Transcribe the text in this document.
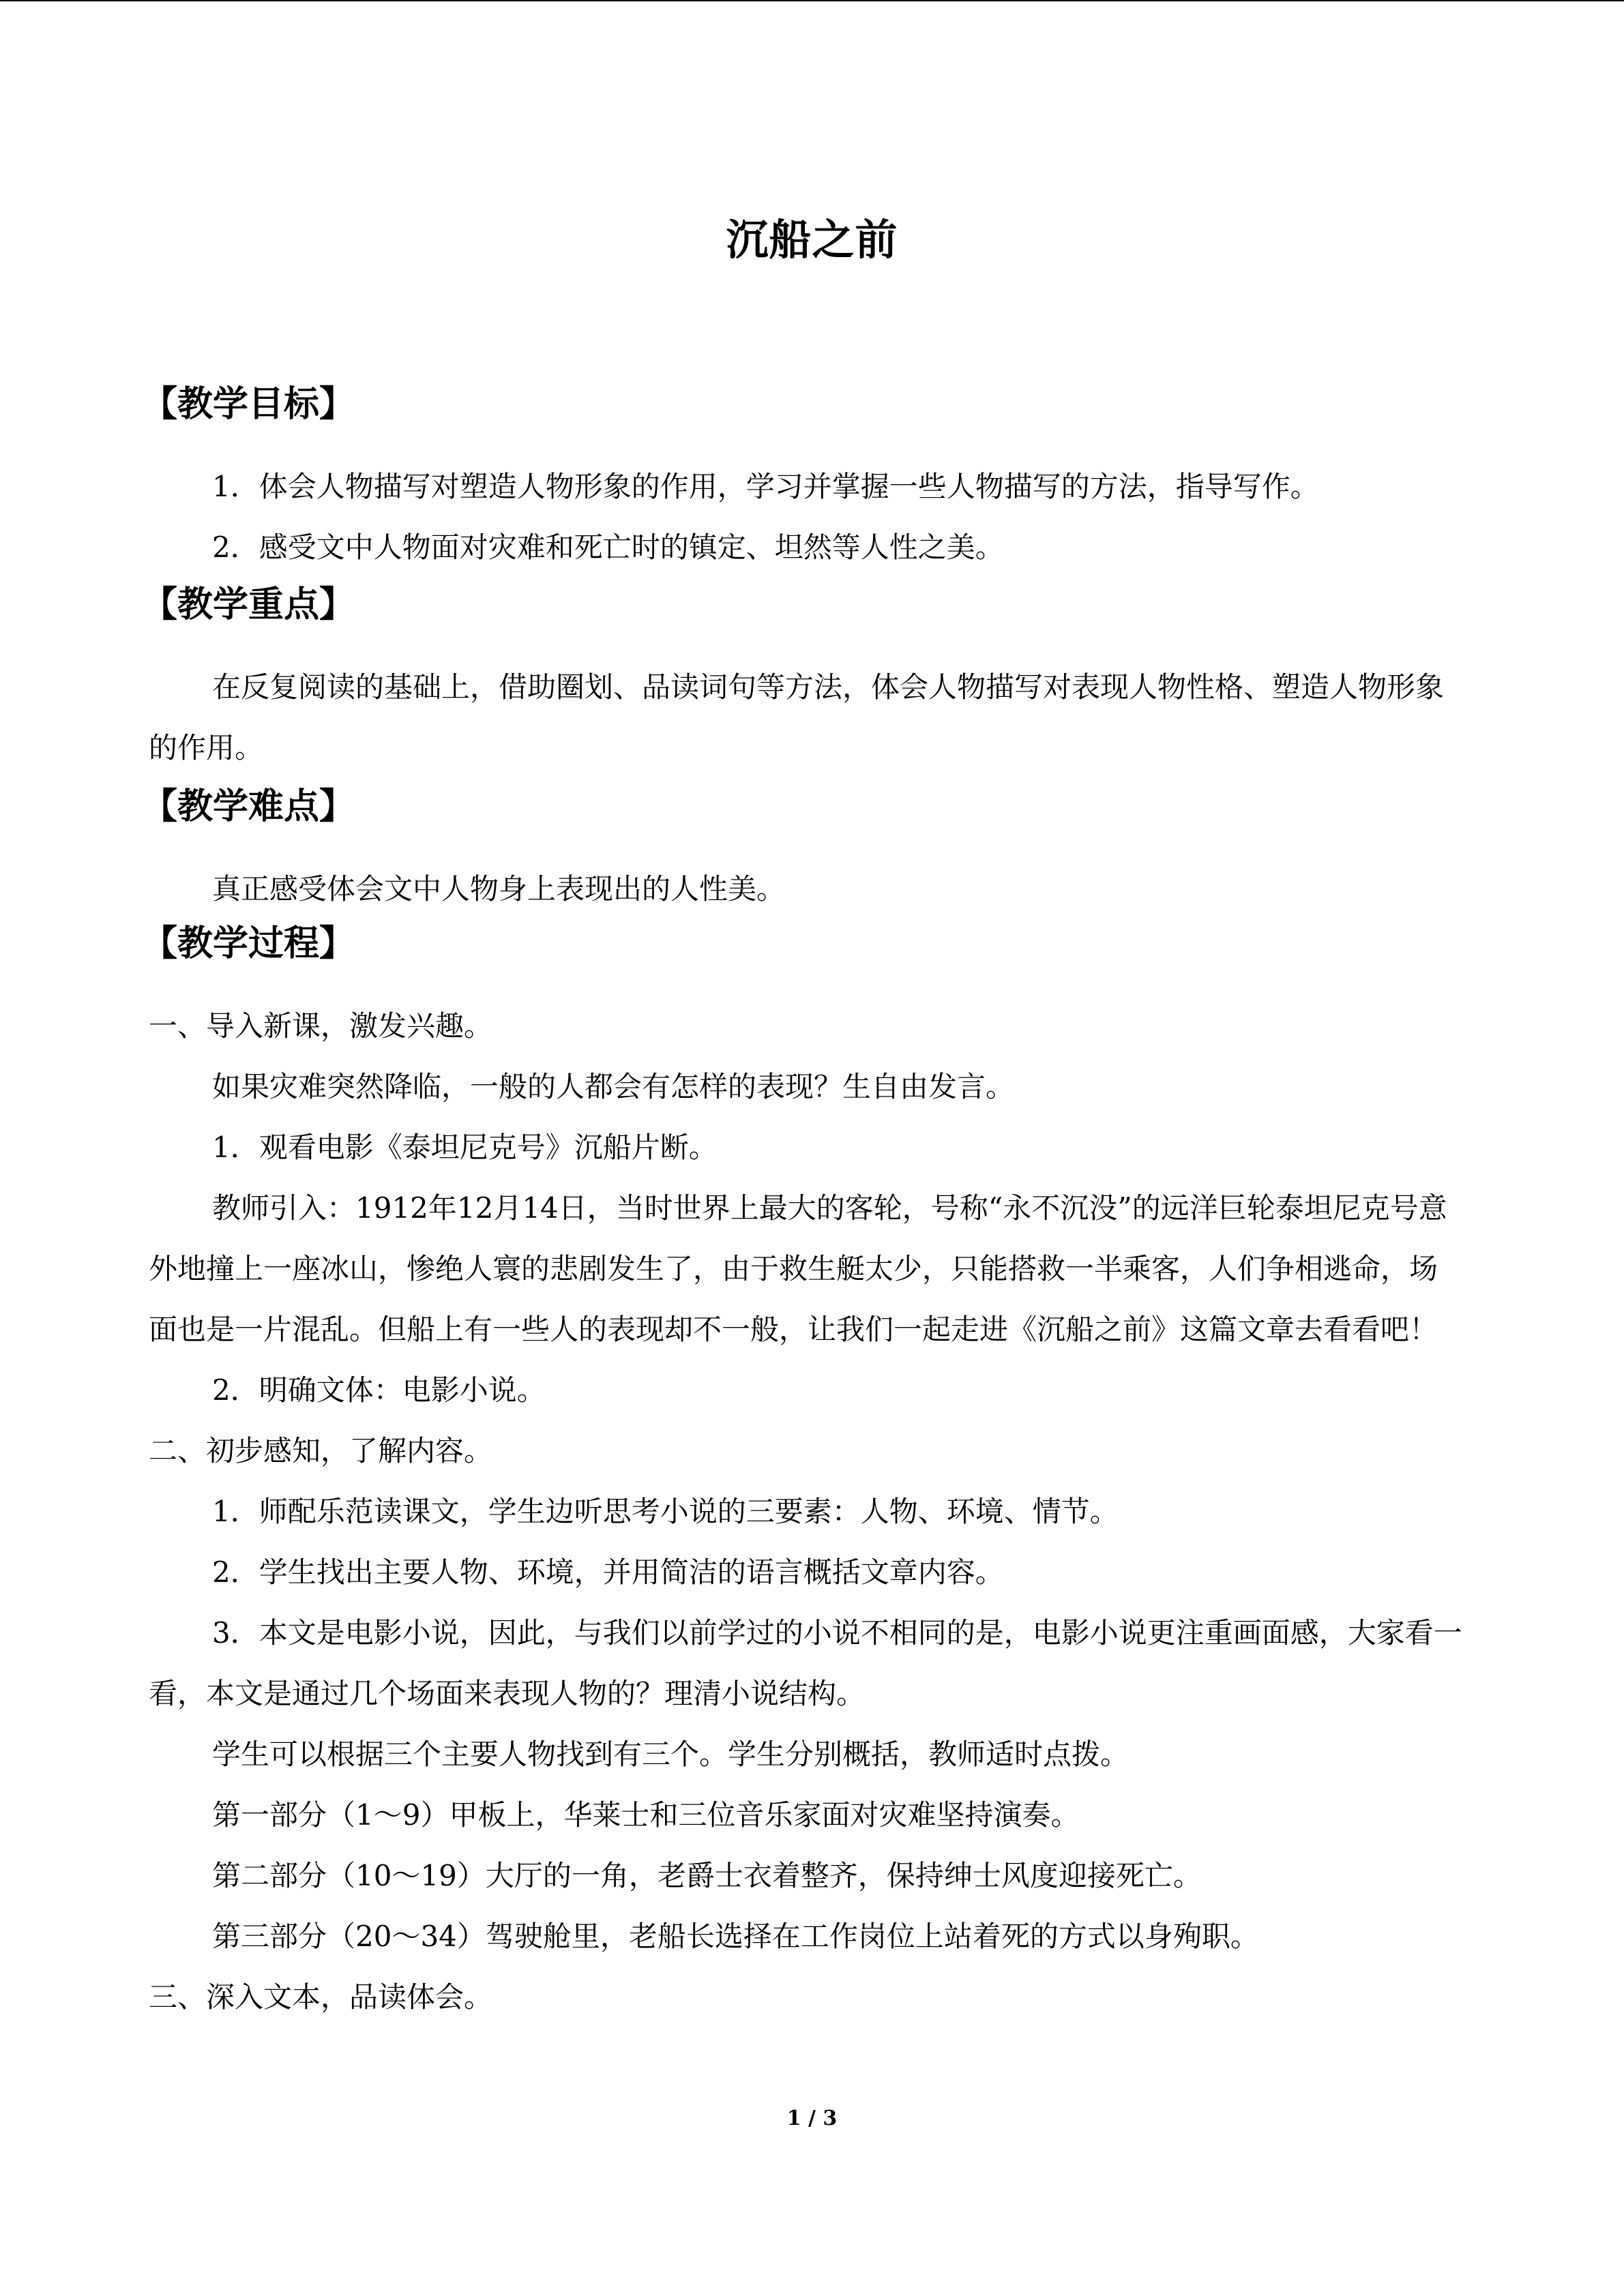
沉船之前
【教学目标】

1．体会人物描写对塑造人物形象的作用，学习并掌握一些人物描写的方法，指导写作。

2．感受文中人物面对灾难和死亡时的镇定、坦然等人性之美。

【教学重点】

在反复阅读的基础上，借助圈划、品读词句等方法，体会人物描写对表现人物性格、塑造人物形象的作用。

【教学难点】

真正感受体会文中人物身上表现出的人性美。

【教学过程】

一、导入新课，激发兴趣。

如果灾难突然降临，一般的人都会有怎样的表现？生自由发言。

1．观看电影《泰坦尼克号》沉船片断。

教师引入：1912年12月14日，当时世界上最大的客轮，号称“永不沉没”的远洋巨轮泰坦尼克号意外地撞上一座冰山，惨绝人寰的悲剧发生了，由于救生艇太少，只能搭救一半乘客，人们争相逃命，场面也是一片混乱。但船上有一些人的表现却不一般，让我们一起走进《沉船之前》这篇文章去看看吧！

2．明确文体：电影小说。

二、初步感知，了解内容。

1．师配乐范读课文，学生边听思考小说的三要素：人物、环境、情节。

2．学生找出主要人物、环境，并用简洁的语言概括文章内容。

3．本文是电影小说，因此，与我们以前学过的小说不相同的是，电影小说更注重画面感，大家看一看，本文是通过几个场面来表现人物的？理清小说结构。

学生可以根据三个主要人物找到有三个。学生分别概括，教师适时点拨。

第一部分（1～9）甲板上，华莱士和三位音乐家面对灾难坚持演奏。

第二部分（10～19）大厅的一角，老爵士衣着整齐，保持绅士风度迎接死亡。

第三部分（20～34）驾驶舱里，老船长选择在工作岗位上站着死的方式以身殉职。

三、深入文本，品读体会。

1 / 3
